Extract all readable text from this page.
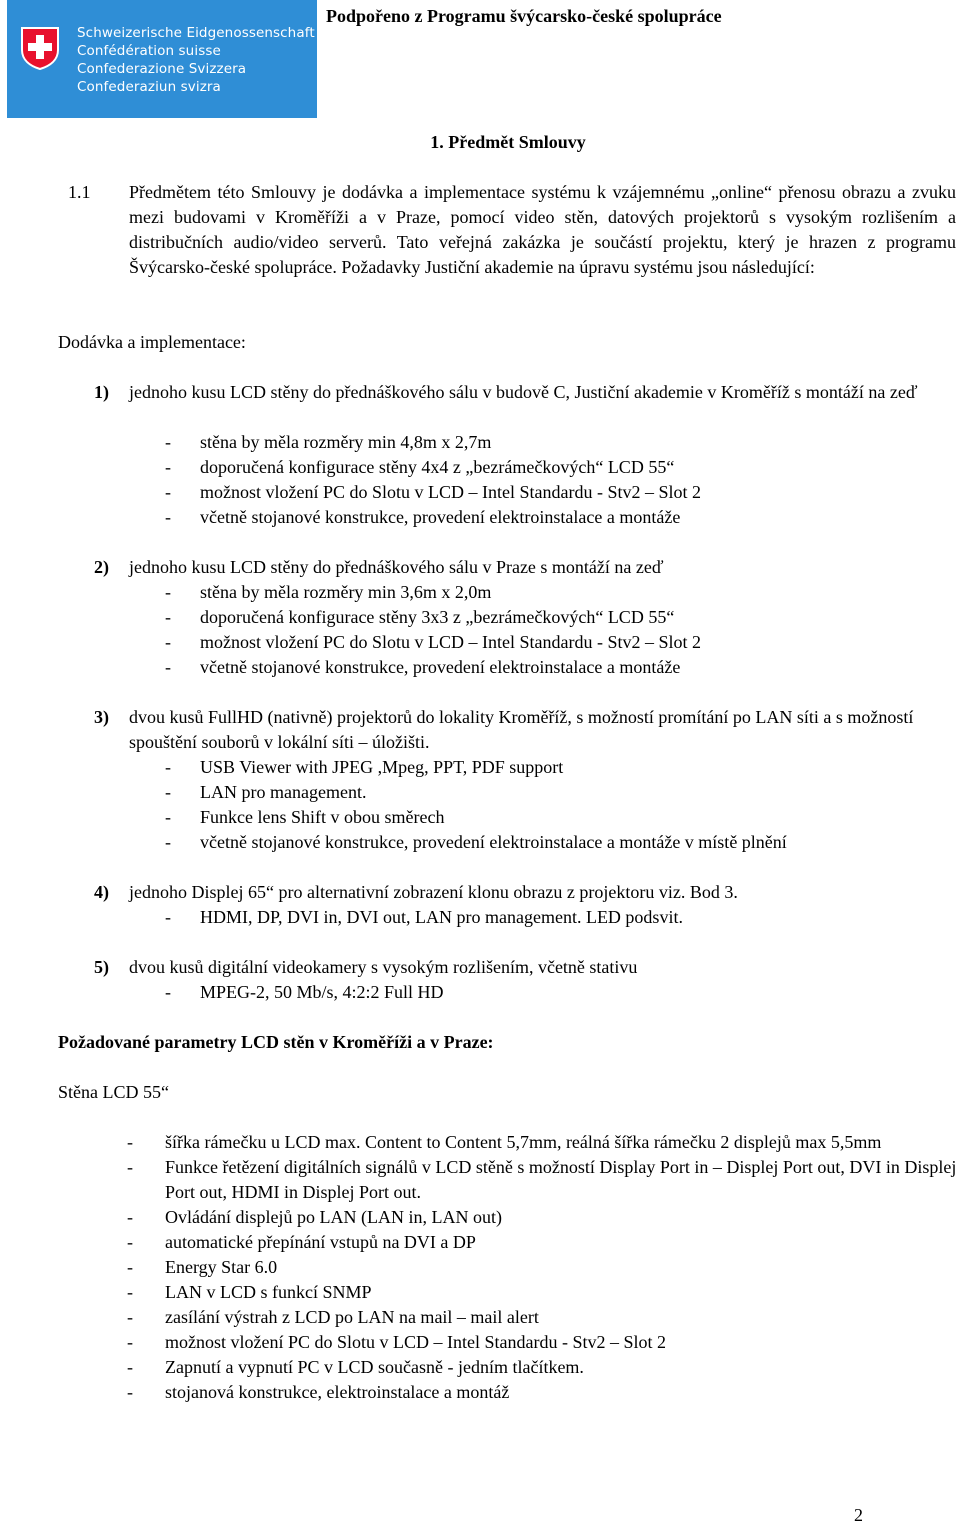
Schweizerische Eidgenossenschaft
Confédération suisse
Confederazione Svizzera
Confederaziun svizra
Podpořeno z Programu švýcarsko-české spolupráce
1. Předmět Smlouvy
1.1 Předmětem této Smlouvy je dodávka a implementace systému k vzájemnému „online“ přenosu obrazu a zvuku mezi budovami v Kroměříži a v Praze, pomocí video stěn, datových projektorů s vysokým rozlišením a distribučních audio/video serverů. Tato veřejná zakázka je součástí projektu, který je hrazen z programu Švýcarsko-české spolupráce. Požadavky Justiční akademie na úpravu systému jsou následující:

Dodávka a implementace:
1) jednoho kusu LCD stěny do přednáškového sálu v budově C, Justiční akademie v Kroměříž s montáží na zeď
- stěna by měla rozměry min 4,8m x 2,7m
- doporučená konfigurace stěny 4x4 z „bezrámečkových“ LCD 55“
- možnost vložení PC do Slotu v LCD – Intel Standardu - Stv2 – Slot 2
- včetně stojanové konstrukce, provedení elektroinstalace a montáže
2) jednoho kusu LCD stěny do přednáškového sálu v Praze s montáží na zeď
- stěna by měla rozměry min 3,6m x 2,0m
- doporučená konfigurace stěny 3x3 z „bezrámečkových“ LCD 55“
- možnost vložení PC do Slotu v LCD – Intel Standardu - Stv2 – Slot 2
- včetně stojanové konstrukce, provedení elektroinstalace a montáže
3) dvou kusů FullHD (nativně) projektorů do lokality Kroměříž, s možností promítání po LAN síti a s možností spouštění souborů v lokální síti – úložišti.
- USB Viewer with JPEG ,Mpeg, PPT, PDF support
- LAN pro management.
- Funkce lens Shift v obou směrech
- včetně stojanové konstrukce, provedení elektroinstalace a montáže v místě plnění
4) jednoho Displej 65“ pro alternativní zobrazení klonu obrazu z projektoru viz. Bod 3.
- HDMI, DP, DVI in, DVI out, LAN pro management. LED podsvit.
5) dvou kusů digitální videokamery s vysokým rozlišením, včetně stativu
- MPEG-2, 50 Mb/s, 4:2:2 Full HD
Požadované parametry LCD stěn v Kroměříži a v Praze:
Stěna LCD 55“
- šířka rámečku u LCD max. Content to Content 5,7mm, reálná šířka rámečku 2 displejů max 5,5mm
- Funkce řetězení digitálních signálů v LCD stěně s možností Display Port in – Displej Port out, DVI in Displej Port out, HDMI in Displej Port out.
- Ovládání displejů po LAN (LAN in, LAN out)
- automatické přepínání vstupů na DVI a DP
- Energy Star 6.0
- LAN v LCD s funkcí SNMP
- zasílání výstrah z LCD po LAN na mail – mail alert
- možnost vložení PC do Slotu v LCD – Intel Standardu - Stv2 – Slot 2
- Zapnutí a vypnutí PC v LCD současně - jedním tlačítkem.
- stojanová konstrukce, elektroinstalace a montáž
2
